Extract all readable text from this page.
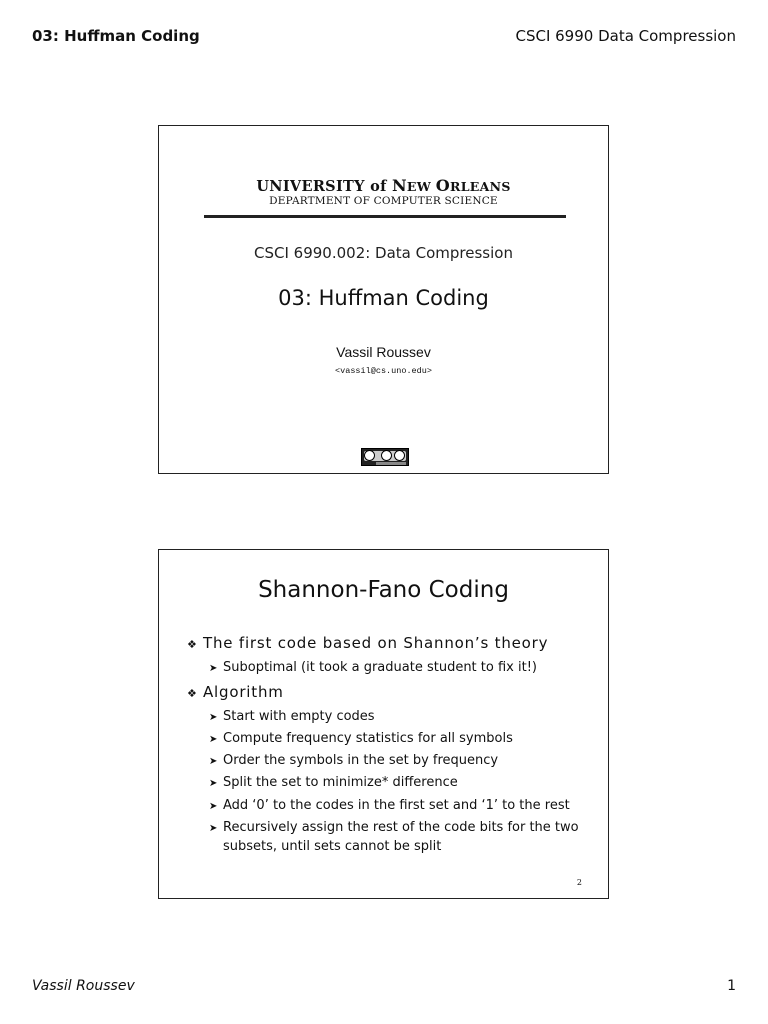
03: Huffman Coding	CSCI 6990 Data Compression
UNIVERSITY of NEW ORLEANS
DEPARTMENT OF COMPUTER SCIENCE
CSCI 6990.002: Data Compression
03: Huffman Coding
Vassil Roussev
<vassil@cs.uno.edu>
Shannon-Fano Coding
❖ The first code based on Shannon’s theory
➤ Suboptimal (it took a graduate student to fix it!)
❖ Algorithm
➤ Start with empty codes
➤ Compute frequency statistics for all symbols
➤ Order the symbols in the set by frequency
➤ Split the set to minimize* difference
➤ Add ‘0’ to the codes in the first set and ‘1’ to the rest
➤ Recursively assign the rest of the code bits for the two
subsets, until sets cannot be split
2
Vassil Roussev	1
